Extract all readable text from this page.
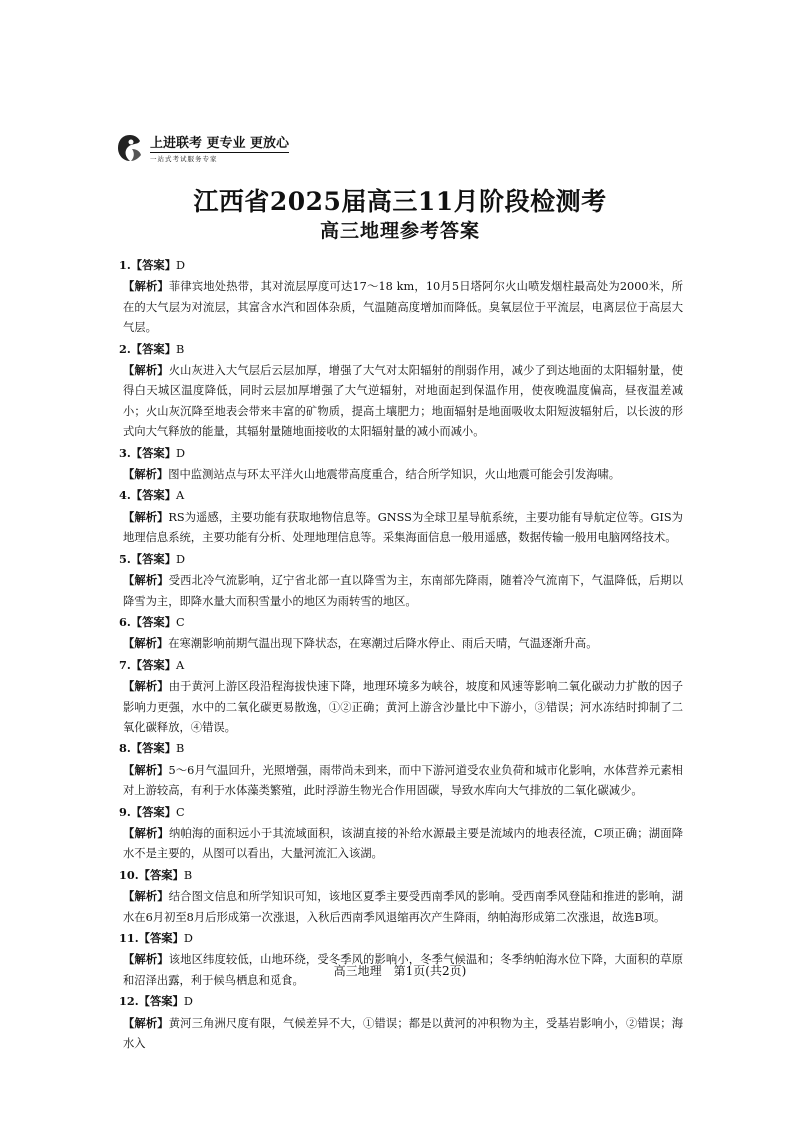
上进联考 更专业 更放心
一站式考试服务专家
江西省2025届高三11月阶段检测考
高三地理参考答案

1.【答案】D

【解析】菲律宾地处热带，其对流层厚度可达17～18 km，10月5日塔阿尔火山喷发烟柱最高处为2000米，所在的大气层为对流层，其富含水汽和固体杂质，气温随高度增加而降低。臭氧层位于平流层，电离层位于高层大气层。

2.【答案】B

【解析】火山灰进入大气层后云层加厚，增强了大气对太阳辐射的削弱作用，减少了到达地面的太阳辐射量，使得白天城区温度降低，同时云层加厚增强了大气逆辐射，对地面起到保温作用，使夜晚温度偏高，昼夜温差减小；火山灰沉降至地表会带来丰富的矿物质，提高土壤肥力；地面辐射是地面吸收太阳短波辐射后，以长波的形式向大气释放的能量，其辐射量随地面接收的太阳辐射量的减小而减小。

3.【答案】D

【解析】图中监测站点与环太平洋火山地震带高度重合，结合所学知识，火山地震可能会引发海啸。

4.【答案】A

【解析】RS为遥感，主要功能有获取地物信息等。GNSS为全球卫星导航系统，主要功能有导航定位等。GIS为地理信息系统，主要功能有分析、处理地理信息等。采集海面信息一般用遥感，数据传输一般用电脑网络技术。

5.【答案】D

【解析】受西北冷气流影响，辽宁省北部一直以降雪为主，东南部先降雨，随着冷气流南下，气温降低，后期以降雪为主，即降水量大而积雪量小的地区为雨转雪的地区。

6.【答案】C

【解析】在寒潮影响前期气温出现下降状态，在寒潮过后降水停止、雨后天晴，气温逐渐升高。

7.【答案】A

【解析】由于黄河上游区段沿程海拔快速下降，地理环境多为峡谷，坡度和风速等影响二氧化碳动力扩散的因子影响力更强，水中的二氧化碳更易散逸，①②正确；黄河上游含沙量比中下游小，③错误；河水冻结时抑制了二氧化碳释放，④错误。

8.【答案】B

【解析】5～6月气温回升，光照增强，雨带尚未到来，而中下游河道受农业负荷和城市化影响，水体营养元素相对上游较高，有利于水体藻类繁殖，此时浮游生物光合作用固碳，导致水库向大气排放的二氧化碳减少。

9.【答案】C

【解析】纳帕海的面积远小于其流域面积，该湖直接的补给水源最主要是流域内的地表径流，C项正确；湖面降水不是主要的，从图可以看出，大量河流汇入该湖。

10.【答案】B

【解析】结合图文信息和所学知识可知，该地区夏季主要受西南季风的影响。受西南季风登陆和推进的影响，湖水在6月初至8月后形成第一次涨退，入秋后西南季风退缩再次产生降雨，纳帕海形成第二次涨退，故选B项。

11.【答案】D

【解析】该地区纬度较低，山地环绕，受冬季风的影响小，冬季气候温和；冬季纳帕海水位下降，大面积的草原和沼泽出露，利于候鸟栖息和觅食。

12.【答案】D

【解析】黄河三角洲尺度有限，气候差异不大，①错误；都是以黄河的冲积物为主，受基岩影响小，②错误；海水入

高三地理　第1页(共2页)
